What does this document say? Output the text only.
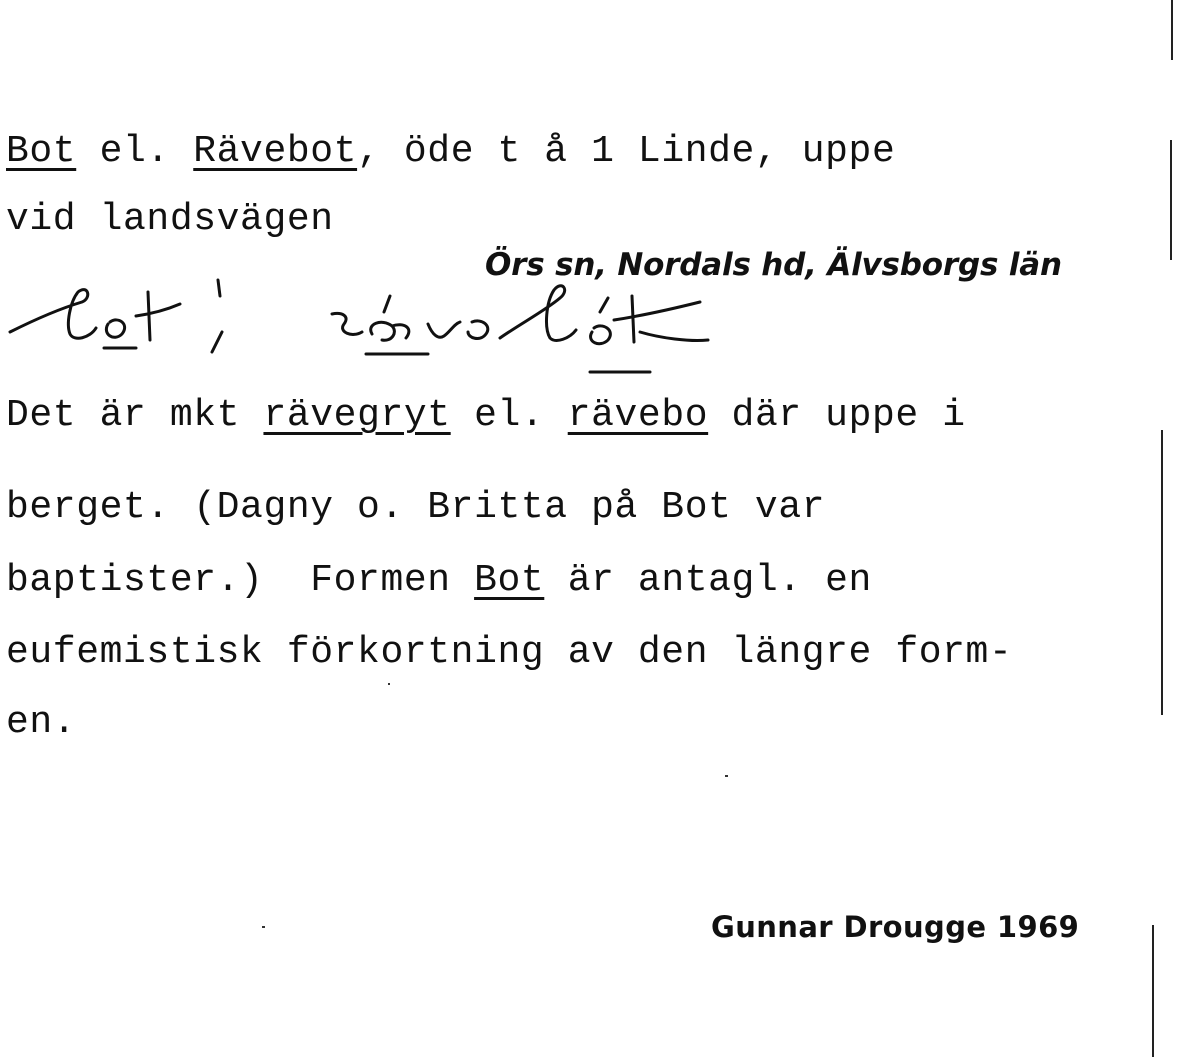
Bot el. Rävebot, öde t å 1 Linde, uppe
vid landsvägen
Örs sn, Nordals hd, Älvsborgs län
Det är mkt rävegryt el. rävebo där uppe i
berget. (Dagny o. Britta på Bot var
baptister.)  Formen Bot är antagl. en
eufemistisk förkortning av den längre form-
en.
Gunnar Drougge 1969
